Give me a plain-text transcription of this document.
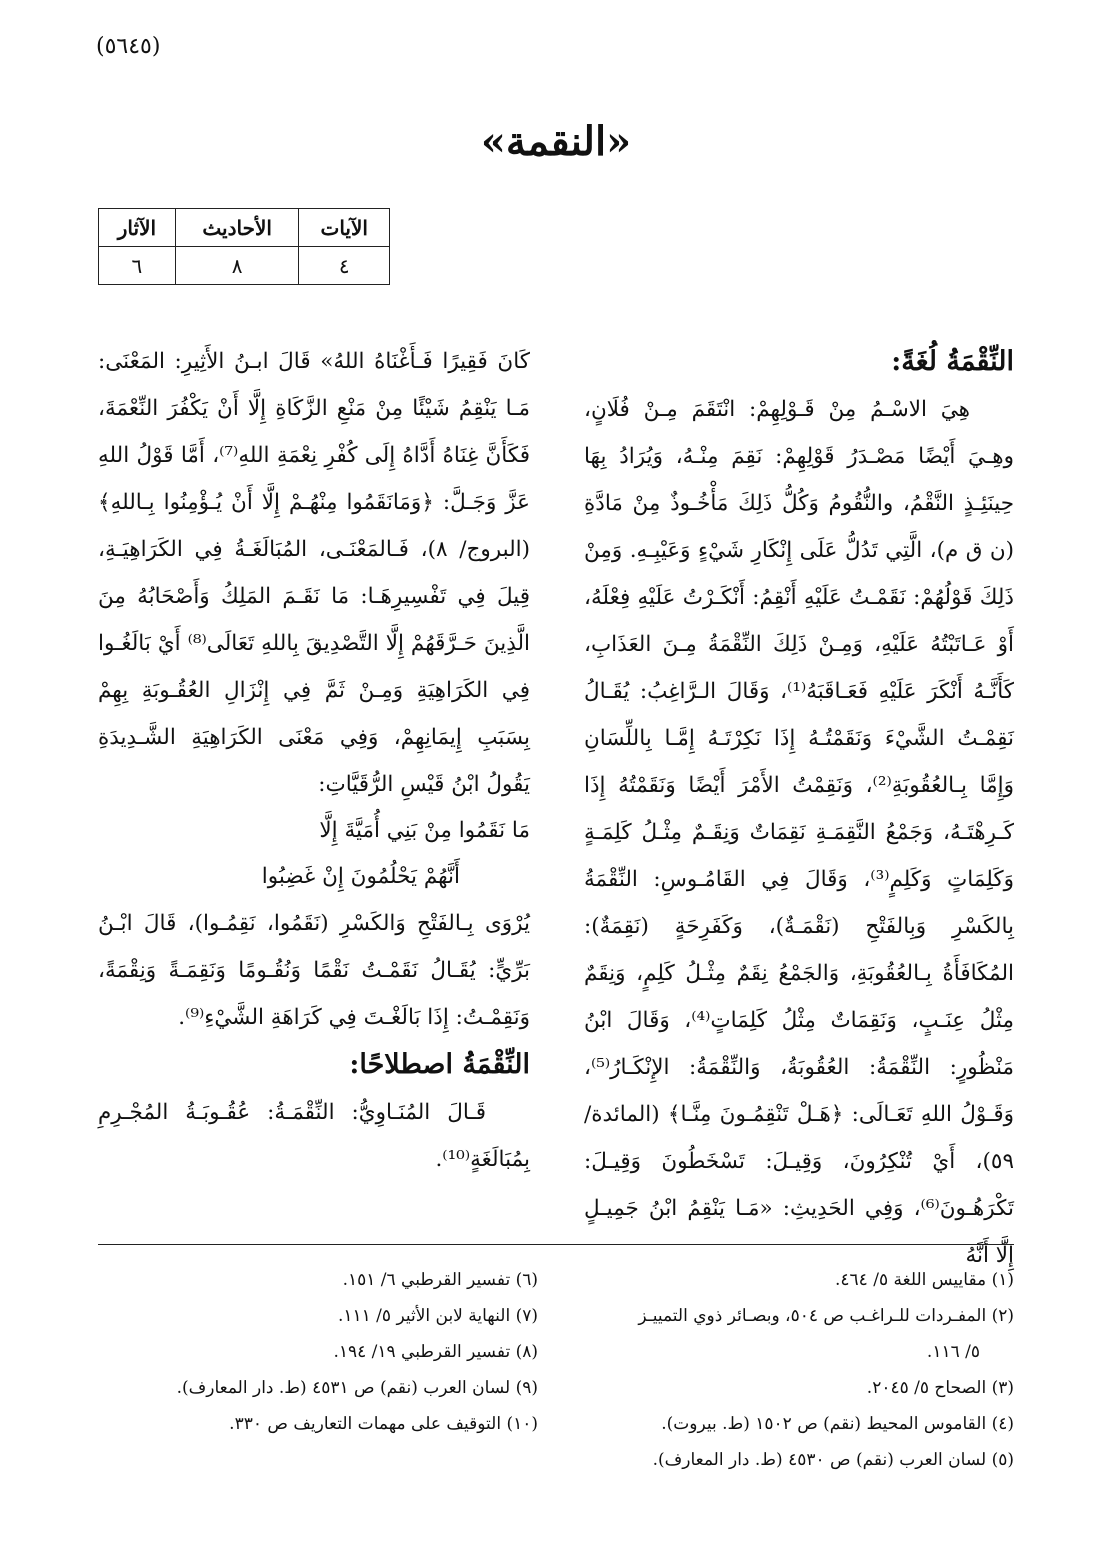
(٥٦٤٥)
«النقمة»
الآيات	الأحاديث	الآثار
٤	٨	٦

النِّقْمَةُ لُغَةً:

هِيَ الاسْـمُ مِنْ قَـوْلِهِمْ: انْتَقَمَ مِـنْ فُلَانٍ، وهِـيَ أَيْضًا مَصْـدَرُ قَوْلِهِمْ: نَقِمَ مِنْـهُ، وَيُرَادُ بِهَا حِينَئِـذٍ النَّقْمُ، والنُّقُومُ وَكُلُّ ذَلِكَ مَأْخُـوذٌ مِنْ مَادَّةِ (ن ق م)، الَّتِي تَدُلُّ عَلَى إِنْكَارِ شَيْءٍ وَعَيْبِـهِ. وَمِنْ ذَلِكَ قَوْلُهُمْ: نَقَمْـتُ عَلَيْهِ أَنْقِمُ: أَنْكَـرْتُ عَلَيْهِ فِعْلَهُ، أَوْ عَـاتَبْتُهُ عَلَيْهِ، وَمِـنْ ذَلِكَ النِّقْمَةُ مِـنَ العَذَابِ، كَأَنَّـهُ أَنْكَرَ عَلَيْهِ فَعَـاقَبَهُ⁽¹⁾، وَقَالَ الـرَّاغِبُ: يُقَـالُ نَقِمْـتُ الشَّيْءَ وَنَقَمْتُـهُ إِذَا نَكِرْتَـهُ إِمَّـا بِاللِّسَانِ وَإِمَّا بِـالعُقُوبَةِ⁽²⁾، وَنَقِمْتُ الأَمْرَ أَيْضًا وَنَقَمْتُهُ إِذَا كَـرِهْتَـهُ، وَجَمْعُ النَّقِمَـةِ نَقِمَاتٌ وَنِقَـمٌ مِثْـلُ كَلِمَـةٍ وَكَلِمَاتٍ وَكَلِمٍ⁽³⁾، وَقَالَ فِي القَامُـوسِ: النِّقْمَةُ بِالكَسْرِ وَبِالفَتْحِ (نَقْمَـةٌ)، وَكَفَرِحَةٍ (نَقِمَةٌ): المُكَافَأَةُ بِـالعُقُوبَةِ، وَالجَمْعُ نِقَمٌ مِثْـلُ كَلِمٍ، وَنِقَمٌ مِثْلُ عِنَـبٍ، وَنَقِمَاتٌ مِثْلُ كَلِمَاتٍ⁽⁴⁾، وَقَالَ ابْنُ مَنْظُورٍ: النِّقْمَةُ: العُقُوبَةُ، وَالنِّقْمَةُ: الإِنْكَـارُ⁽⁵⁾، وَقَـوْلُ اللهِ تَعَـالَى: ﴿هَـلْ تَنْقِمُـونَ مِنَّـا﴾ (المائدة/ ٥٩)، أَيْ تُنْكِرُونَ، وَقِيـلَ: تَسْخَطُونَ وَقِيـلَ: تَكْرَهُـونَ⁽⁶⁾، وَفِي الحَدِيثِ: «مَـا يَنْقِمُ ابْنُ جَمِيـلٍ إِلَّا أَنَّهُ

كَانَ فَقِيرًا فَـأَغْنَاهُ اللهُ» قَالَ ابـنُ الأَثِيرِ: المَعْنَى: مَـا يَنْقِمُ شَيْئًا مِنْ مَنْعِ الزَّكَاةِ إِلَّا أَنْ يَكْفُرَ النِّعْمَةَ، فَكَأَنَّ غِنَاهُ أَدَّاهُ إِلَى كُفْرِ نِعْمَةِ اللهِ⁽⁷⁾، أَمَّا قَوْلُ اللهِ عَزَّ وَجَـلَّ: ﴿وَمَانَقَمُوا مِنْهُـمْ إِلَّا أَنْ يُـؤْمِنُوا بِـاللهِ﴾ (البروج/ ٨)، فَـالمَعْنَـى، المُبَالَغَـةُ فِي الكَرَاهِيَـةِ، قِيلَ فِي تَفْسِيرِهَـا: مَا نَقَـمَ المَلِكُ وَأَصْحَابُهُ مِنَ الَّذِينَ حَـرَّقَهُمْ إِلَّا التَّصْدِيقَ بِاللهِ تَعَالَى⁽⁸⁾ أَيْ بَالَغُـوا فِي الكَرَاهِيَةِ وَمِـنْ ثَمَّ فِي إِنْزَالِ العُقُـوبَةِ بِهِمْ بِسَبَبِ إِيمَانِهِمْ، وَفِي مَعْنَى الكَرَاهِيَةِ الشَّـدِيدَةِ يَقُولُ ابْنُ قَيْسِ الرُّقَيَّاتِ:

مَا نَقَمُوا مِنْ بَنِي أُمَيَّةَ إِلَّا

أَنَّهُمْ يَحْلُمُونَ إِنْ غَضِبُوا

يُرْوَى بِـالفَتْحِ وَالكَسْرِ (نَقَمُوا، نَقِمُـوا)، قَالَ ابْـنُ بَرِّيٍّ: يُقَـالُ نَقَمْـتُ نَقْمًا وَنُقُـومًا وَنَقِمَـةً وَنِقْمَةً، وَنَقِمْـتُ: إِذَا بَالَغْـتَ فِي كَرَاهَةِ الشَّيْءِ⁽⁹⁾.

النِّقْمَةُ اصطلاحًا:

قَـالَ المُنَـاوِيُّ: النِّقْمَـةُ: عُقُـوبَـةُ المُجْـرِمِ بِمُبَالَغَةٍ⁽¹⁰⁾.

(١) مقاييس اللغة ٥/ ٤٦٤.
(٢) المفـردات للـراغـب ص ٥٠٤، وبصـائر ذوي التمييـز
٥/ ١١٦.
(٣) الصحاح ٥/ ٢٠٤٥.
(٤) القاموس المحيط (نقم) ص ١٥٠٢ (ط. بيروت).
(٥) لسان العرب (نقم) ص ٤٥٣٠ (ط. دار المعارف).
(٦) تفسير القرطبي ٦/ ١٥١.
(٧) النهاية لابن الأثير ٥/ ١١١.
(٨) تفسير القرطبي ١٩/ ١٩٤.
(٩) لسان العرب (نقم) ص ٤٥٣١ (ط. دار المعارف).
(١٠) التوقيف على مهمات التعاريف ص ٣٣٠.
